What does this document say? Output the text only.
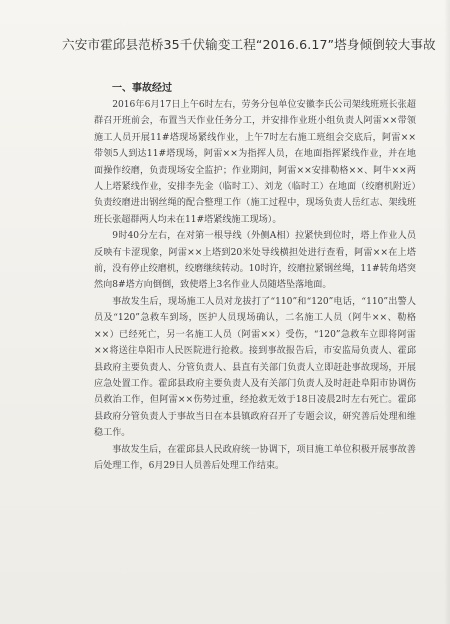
六安市霍邱县范桥35千伏输变工程“2016.6.17”塔身倾倒较大事故
一、事故经过

2016年6月17日上午6时左右，劳务分包单位安徽李氏公司架线班班长张超群召开班前会，布置当天作业任务分工，并安排作业班小组负责人阿雷××带领施工人员开展11#塔现场紧线作业，上午7时左右施工班组会交底后，阿雷××带领5人到达11#塔现场，阿雷××为指挥人员，在地面指挥紧线作业，并在地面操作绞磨，负责现场安全监护；作业期间，阿雷××安排勒格××、阿牛××两人上塔紧线作业，安排李先金（临时工）、刘龙（临时工）在地面（绞磨机附近）负责绞磨进出钢丝绳的配合整理工作（施工过程中，现场负责人岳红志、架线班班长张超群两人均未在11#塔紧线施工现场）。

9时40分左右，在对第一根导线（外侧A相）拉紧快到位时，塔上作业人员反映有卡涩现象，阿雷××上塔到20米处导线横担处进行查看，阿雷××在上塔前，没有停止绞磨机，绞磨继续转动。10时许，绞磨拉紧钢丝绳，11#转角塔突然向8#塔方向倒倒，致使塔上3名作业人员随塔坠落地面。

事故发生后，现场施工人员对龙拔打了“110”和“120”电话，“110”出警人员及“120”急救车到场，医护人员现场确认，二名施工人员（阿牛××、勒格××）已经死亡，另一名施工人员（阿雷××）受伤，“120”急救车立即将阿雷××将送往阜阳市人民医院进行抢救。接到事故报告后，市安监局负责人、霍邱县政府主要负责人、分管负责人、县直有关部门负责人立即赶赴事故现场，开展应急处置工作。霍邱县政府主要负责人及有关部门负责人及时赶赴阜阳市协调伤员救治工作，但阿雷××伤势过重，经抢救无效于18日凌晨2时左右死亡。霍邱县政府分管负责人于事故当日在本县镇政府召开了专题会议，研究善后处理和维稳工作。

事故发生后，在霍邱县人民政府统一协调下，项目施工单位积极开展事故善后处理工作，6月29日人员善后处理工作结束。
